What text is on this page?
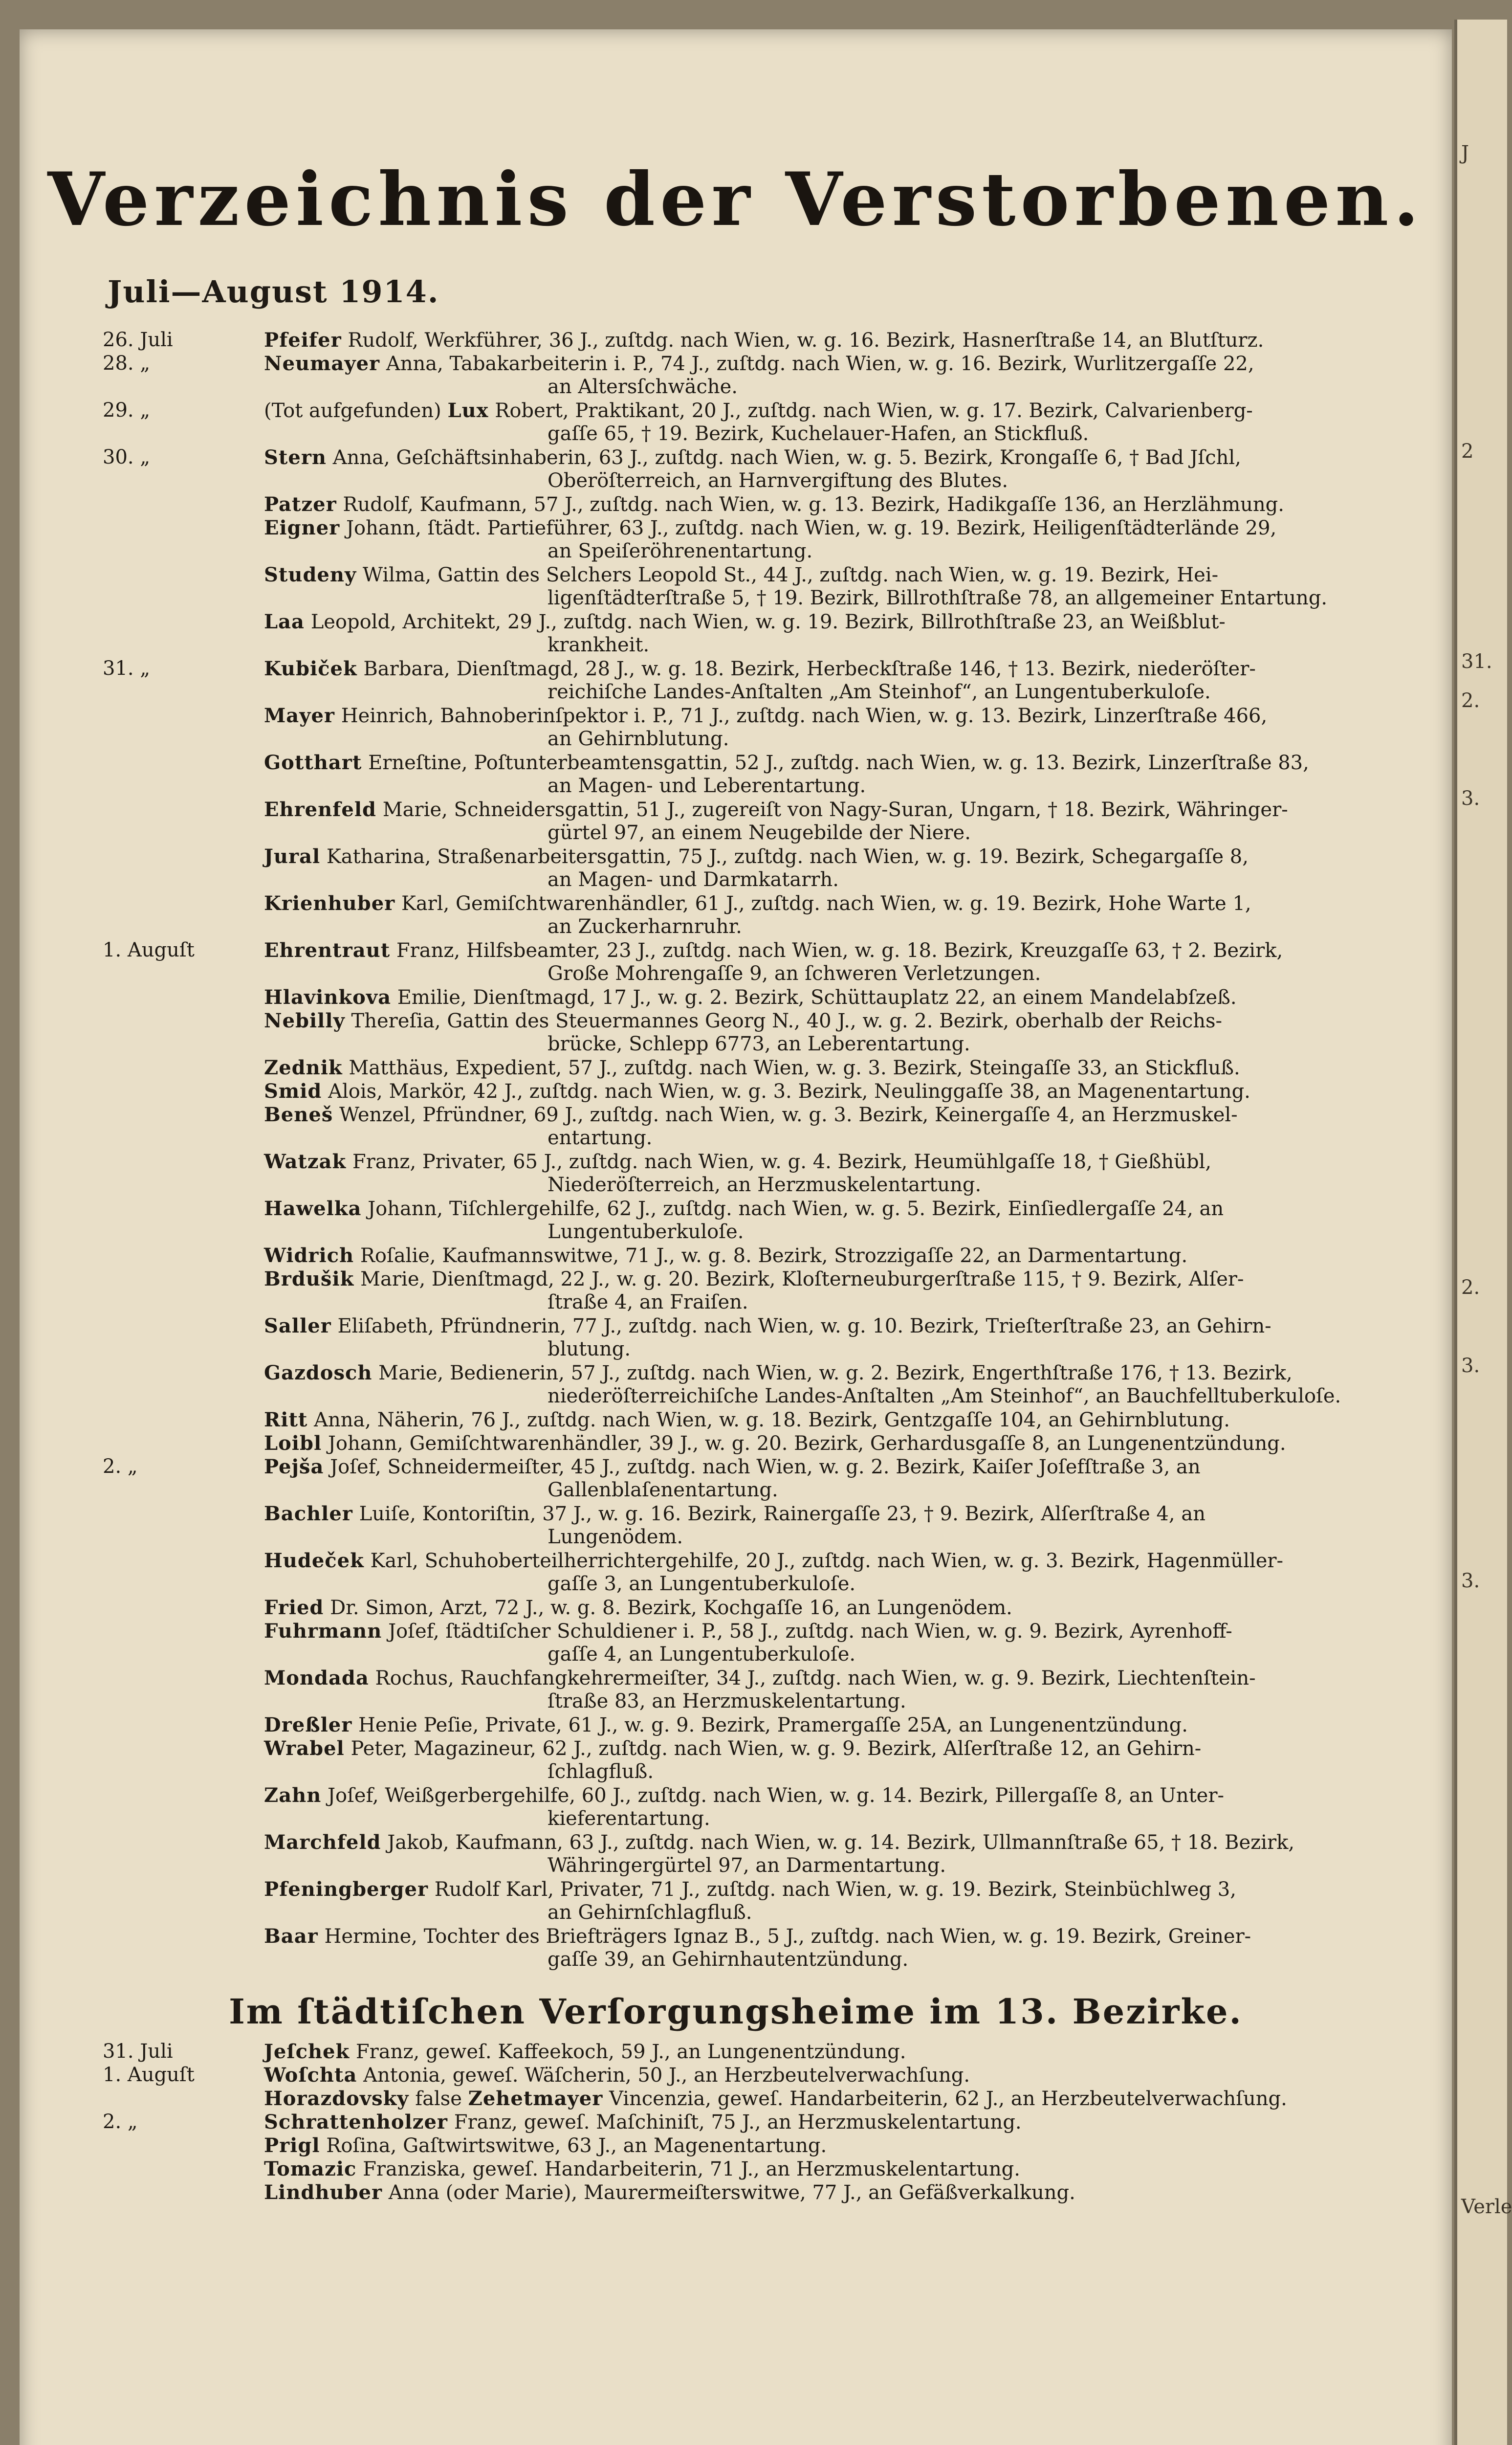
Verzeichnis der Verstorbenen.
Juli—August 1914.
26. Juli	Pfeifer Rudolf, Werkführer, 36 J., zuſtdg. nach Wien, w. g. 16. Bezirk, Hasnerſtraße 14, an Blutſturz.
28. „	Neumayer Anna, Tabakarbeiterin i. P., 74 J., zuſtdg. nach Wien, w. g. 16. Bezirk, Wurlitzergaſſe 22,
an Altersſchwäche.
29. „	(Tot aufgefunden) Lux Robert, Praktikant, 20 J., zuſtdg. nach Wien, w. g. 17. Bezirk, Calvarienberg-
gaſſe 65, † 19. Bezirk, Kuchelauer-Hafen, an Stickfluß.
30. „	Stern Anna, Geſchäftsinhaberin, 63 J., zuſtdg. nach Wien, w. g. 5. Bezirk, Krongaſſe 6, † Bad Jſchl,
Oberöſterreich, an Harnvergiftung des Blutes.
Patzer Rudolf, Kaufmann, 57 J., zuſtdg. nach Wien, w. g. 13. Bezirk, Hadikgaſſe 136, an Herzlähmung.
Eigner Johann, ſtädt. Partieführer, 63 J., zuſtdg. nach Wien, w. g. 19. Bezirk, Heiligenſtädterlände 29,
an Speiſeröhrenentartung.
Studeny Wilma, Gattin des Selchers Leopold St., 44 J., zuſtdg. nach Wien, w. g. 19. Bezirk, Hei-
ligenſtädterſtraße 5, † 19. Bezirk, Billrothſtraße 78, an allgemeiner Entartung.
Laa Leopold, Architekt, 29 J., zuſtdg. nach Wien, w. g. 19. Bezirk, Billrothſtraße 23, an Weißblut-
krankheit.
31. „	Kubiček Barbara, Dienſtmagd, 28 J., w. g. 18. Bezirk, Herbeckſtraße 146, † 13. Bezirk, niederöſter-
reichiſche Landes-Anſtalten „Am Steinhof“, an Lungentuberkuloſe.
Mayer Heinrich, Bahnoberinſpektor i. P., 71 J., zuſtdg. nach Wien, w. g. 13. Bezirk, Linzerſtraße 466,
an Gehirnblutung.
Gotthart Erneſtine, Poſtunterbeamtensgattin, 52 J., zuſtdg. nach Wien, w. g. 13. Bezirk, Linzerſtraße 83,
an Magen- und Leberentartung.
Ehrenfeld Marie, Schneidersgattin, 51 J., zugereiſt von Nagy-Suran, Ungarn, † 18. Bezirk, Währinger-
gürtel 97, an einem Neugebilde der Niere.
Jural Katharina, Straßenarbeitersgattin, 75 J., zuſtdg. nach Wien, w. g. 19. Bezirk, Schegargaſſe 8,
an Magen- und Darmkatarrh.
Krienhuber Karl, Gemiſchtwarenhändler, 61 J., zuſtdg. nach Wien, w. g. 19. Bezirk, Hohe Warte 1,
an Zuckerharnruhr.
1. Auguſt	Ehrentraut Franz, Hilfsbeamter, 23 J., zuſtdg. nach Wien, w. g. 18. Bezirk, Kreuzgaſſe 63, † 2. Bezirk,
Große Mohrengaſſe 9, an ſchweren Verletzungen.
Hlavinkova Emilie, Dienſtmagd, 17 J., w. g. 2. Bezirk, Schüttauplatz 22, an einem Mandelabſzeß.
Nebilly Thereſia, Gattin des Steuermannes Georg N., 40 J., w. g. 2. Bezirk, oberhalb der Reichs-
brücke, Schlepp 6773, an Leberentartung.
Zednik Matthäus, Expedient, 57 J., zuſtdg. nach Wien, w. g. 3. Bezirk, Steingaſſe 33, an Stickfluß.
Smid Alois, Markör, 42 J., zuſtdg. nach Wien, w. g. 3. Bezirk, Neulinggaſſe 38, an Magenentartung.
Beneš Wenzel, Pfründner, 69 J., zuſtdg. nach Wien, w. g. 3. Bezirk, Keinergaſſe 4, an Herzmuskel-
entartung.
Watzak Franz, Privater, 65 J., zuſtdg. nach Wien, w. g. 4. Bezirk, Heumühlgaſſe 18, † Gießhübl,
Niederöſterreich, an Herzmuskelentartung.
Hawelka Johann, Tiſchlergehilfe, 62 J., zuſtdg. nach Wien, w. g. 5. Bezirk, Einſiedlergaſſe 24, an
Lungentuberkuloſe.
Widrich Roſalie, Kaufmannswitwe, 71 J., w. g. 8. Bezirk, Strozzigaſſe 22, an Darmentartung.
Brdušik Marie, Dienſtmagd, 22 J., w. g. 20. Bezirk, Kloſterneuburgerſtraße 115, † 9. Bezirk, Alſer-
ſtraße 4, an Fraiſen.
Saller Eliſabeth, Pfründnerin, 77 J., zuſtdg. nach Wien, w. g. 10. Bezirk, Trieſterſtraße 23, an Gehirn-
blutung.
Gazdosch Marie, Bedienerin, 57 J., zuſtdg. nach Wien, w. g. 2. Bezirk, Engerthſtraße 176, † 13. Bezirk,
niederöſterreichiſche Landes-Anſtalten „Am Steinhof“, an Bauchfelltuberkuloſe.
Ritt Anna, Näherin, 76 J., zuſtdg. nach Wien, w. g. 18. Bezirk, Gentzgaſſe 104, an Gehirnblutung.
Loibl Johann, Gemiſchtwarenhändler, 39 J., w. g. 20. Bezirk, Gerhardusgaſſe 8, an Lungenentzündung.
2. „	Pejša Joſef, Schneidermeiſter, 45 J., zuſtdg. nach Wien, w. g. 2. Bezirk, Kaiſer Joſefſtraße 3, an
Gallenblaſenentartung.
Bachler Luiſe, Kontoriſtin, 37 J., w. g. 16. Bezirk, Rainergaſſe 23, † 9. Bezirk, Alſerſtraße 4, an
Lungenödem.
Hudeček Karl, Schuhoberteilherrichtergehilfe, 20 J., zuſtdg. nach Wien, w. g. 3. Bezirk, Hagenmüller-
gaſſe 3, an Lungentuberkuloſe.
Fried Dr. Simon, Arzt, 72 J., w. g. 8. Bezirk, Kochgaſſe 16, an Lungenödem.
Fuhrmann Joſef, ſtädtiſcher Schuldiener i. P., 58 J., zuſtdg. nach Wien, w. g. 9. Bezirk, Ayrenhoff-
gaſſe 4, an Lungentuberkuloſe.
Mondada Rochus, Rauchfangkehrermeiſter, 34 J., zuſtdg. nach Wien, w. g. 9. Bezirk, Liechtenſtein-
ſtraße 83, an Herzmuskelentartung.
Dreßler Henie Peſie, Private, 61 J., w. g. 9. Bezirk, Pramergaſſe 25A, an Lungenentzündung.
Wrabel Peter, Magazineur, 62 J., zuſtdg. nach Wien, w. g. 9. Bezirk, Alſerſtraße 12, an Gehirn-
ſchlagfluß.
Zahn Joſef, Weißgerbergehilfe, 60 J., zuſtdg. nach Wien, w. g. 14. Bezirk, Pillergaſſe 8, an Unter-
kieferentartung.
Marchfeld Jakob, Kaufmann, 63 J., zuſtdg. nach Wien, w. g. 14. Bezirk, Ullmannſtraße 65, † 18. Bezirk,
Währingergürtel 97, an Darmentartung.
Pfeningberger Rudolf Karl, Privater, 71 J., zuſtdg. nach Wien, w. g. 19. Bezirk, Steinbüchlweg 3,
an Gehirnſchlagfluß.
Baar Hermine, Tochter des Briefträgers Ignaz B., 5 J., zuſtdg. nach Wien, w. g. 19. Bezirk, Greiner-
gaſſe 39, an Gehirnhautentzündung.
Im ſtädtiſchen Verſorgungsheime im 13. Bezirke.
31. Juli	Jeſchek Franz, geweſ. Kaffeekoch, 59 J., an Lungenentzündung.
1. Auguſt	Woſchta Antonia, geweſ. Wäſcherin, 50 J., an Herzbeutelverwachſung.
Horazdovsky false Zehetmayer Vincenzia, geweſ. Handarbeiterin, 62 J., an Herzbeutelverwachſung.
2. „	Schrattenholzer Franz, geweſ. Maſchiniſt, 75 J., an Herzmuskelentartung.
Prigl Roſina, Gaſtwirtswitwe, 63 J., an Magenentartung.
Tomazic Franziska, geweſ. Handarbeiterin, 71 J., an Herzmuskelentartung.
Lindhuber Anna (oder Marie), Maurermeiſterswitwe, 77 J., an Gefäßverkalkung.
J
2
31.
2.
3.
2.
3.
3.
Verle
